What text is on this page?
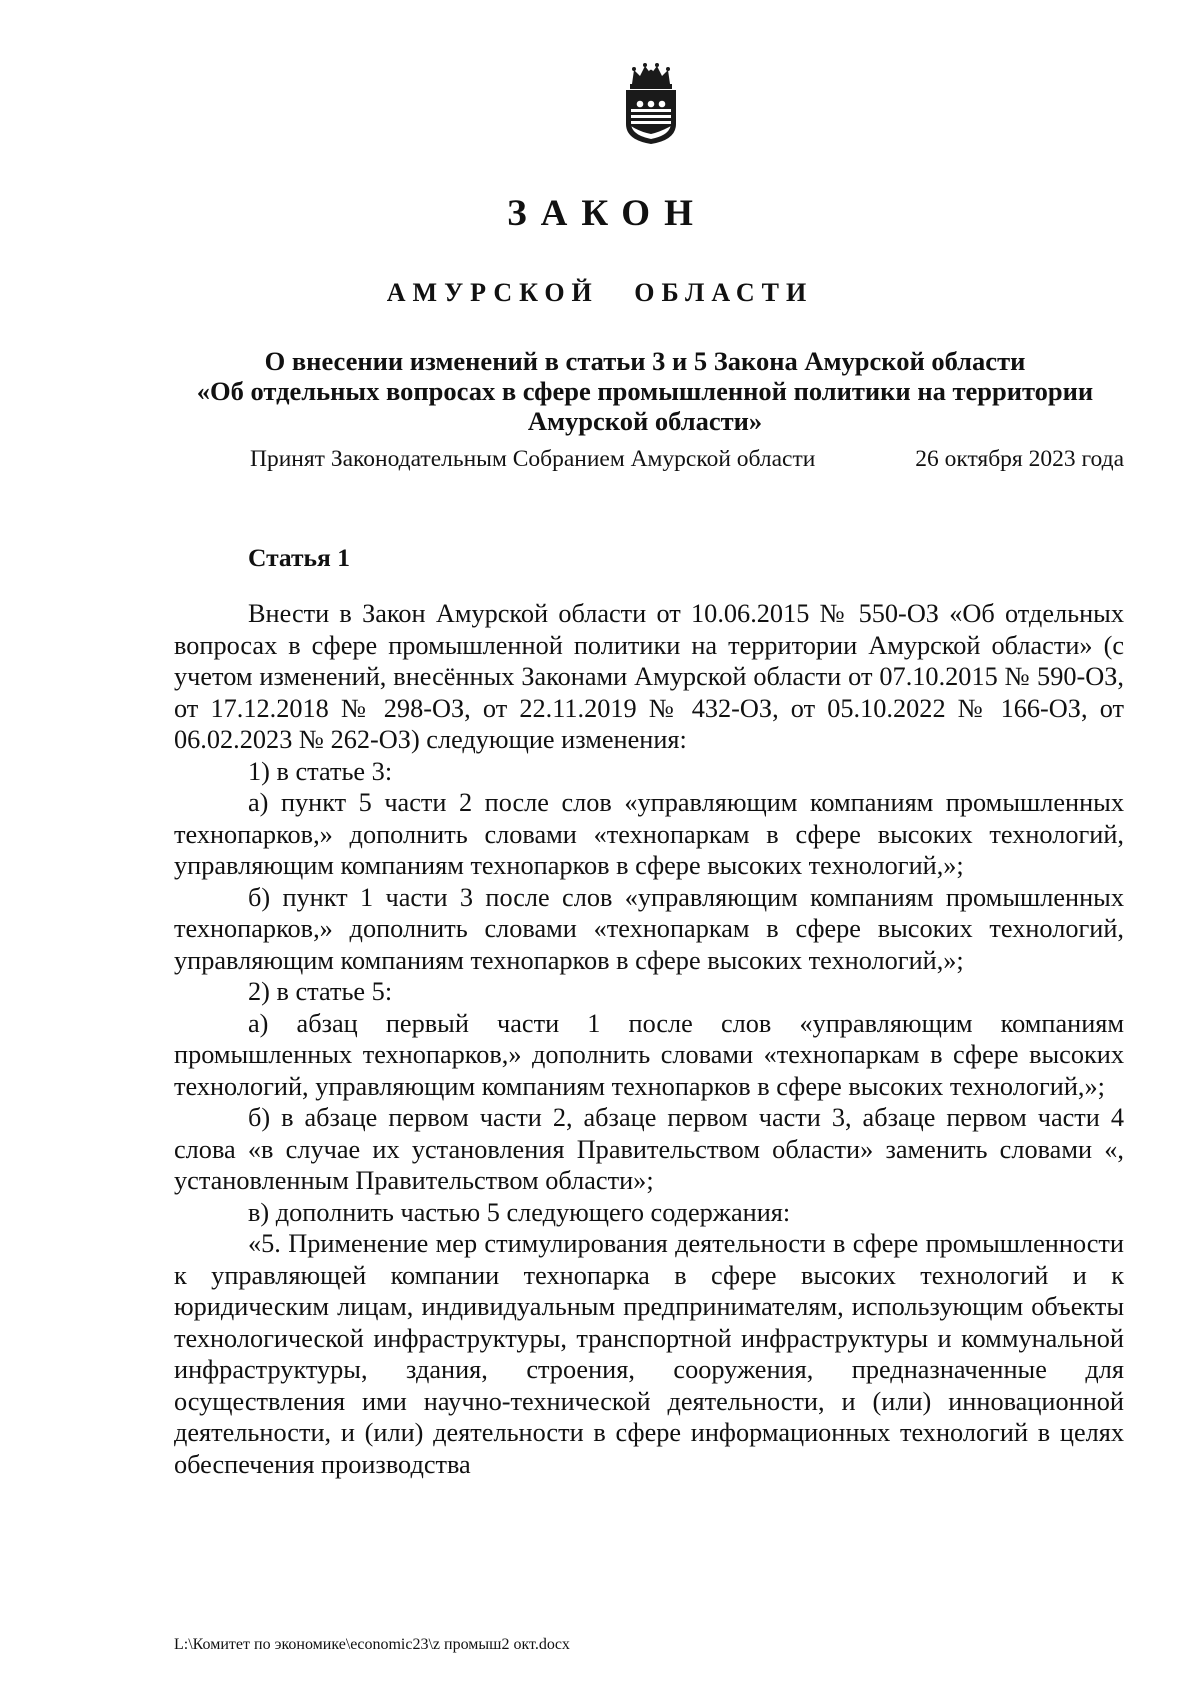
ЗАКОН
АМУРСКОЙ ОБЛАСТИ
О внесении изменений в статьи 3 и 5 Закона Амурской области
«Об отдельных вопросах в сфере промышленной политики на территории
Амурской области»
Принят Законодательным Собранием Амурской области	26 октября 2023 года
Статья 1

Внести в Закон Амурской области от 10.06.2015 № 550-ОЗ «Об отдельных вопросах в сфере промышленной политики на территории Амурской области» (с учетом изменений, внесённых Законами Амурской области от 07.10.2015 № 590-ОЗ, от 17.12.2018 № 298-ОЗ, от 22.11.2019 № 432-ОЗ, от 05.10.2022 № 166-ОЗ, от 06.02.2023 № 262-ОЗ) следующие изменения:

1) в статье 3:

а) пункт 5 части 2 после слов «управляющим компаниям промышленных технопарков,» дополнить словами «технопаркам в сфере высоких технологий, управляющим компаниям технопарков в сфере высоких технологий,»;

б) пункт 1 части 3 после слов «управляющим компаниям промышленных технопарков,» дополнить словами «технопаркам в сфере высоких технологий, управляющим компаниям технопарков в сфере высоких технологий,»;

2) в статье 5:

а) абзац первый части 1 после слов «управляющим компаниям промышленных технопарков,» дополнить словами «технопаркам в сфере высоких технологий, управляющим компаниям технопарков в сфере высоких технологий,»;

б) в абзаце первом части 2, абзаце первом части 3, абзаце первом части 4 слова «в случае их установления Правительством области» заменить словами «, установленным Правительством области»;

в) дополнить частью 5 следующего содержания:

«5. Применение мер стимулирования деятельности в сфере промышленности к управляющей компании технопарка в сфере высоких технологий и к юридическим лицам, индивидуальным предпринимателям, использующим объекты технологической инфраструктуры, транспортной инфраструктуры и коммунальной инфраструктуры, здания, строения, сооружения, предназначенные для осуществления ими научно-технической деятельности, и (или) инновационной деятельности, и (или) деятельности в сфере информационных технологий в целях обеспечения производства

L:\Комитет по экономике\economic23\z промыш2 окт.docx
